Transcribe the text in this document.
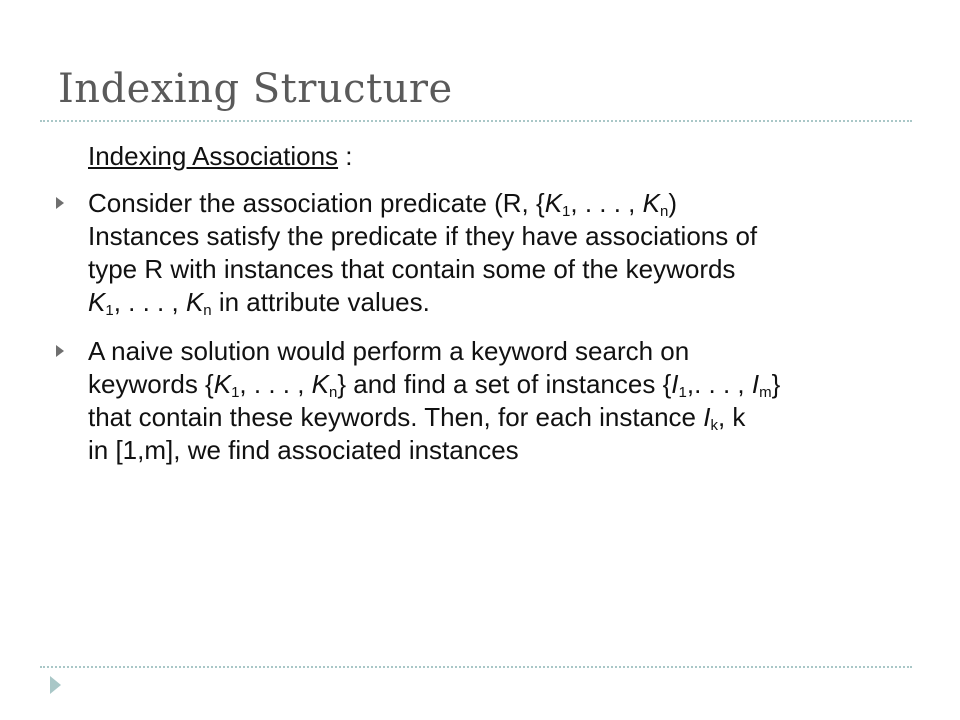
Indexing Structure
Indexing Associations :
Consider the association predicate (R, {$K_1$, . . . , $K_n$)
Instances satisfy the predicate if they have associations of
type R with instances that contain some of the keywords
$K_1$, . . . , $K_n$ in attribute values.
A naive solution would perform a keyword search on
keywords {$K_1$, . . . , $K_n$} and find a set of instances {$I_1$,. . . , $I_m$}
that contain these keywords. Then, for each instance $I_k$, k
in [1,m], we find associated instances
